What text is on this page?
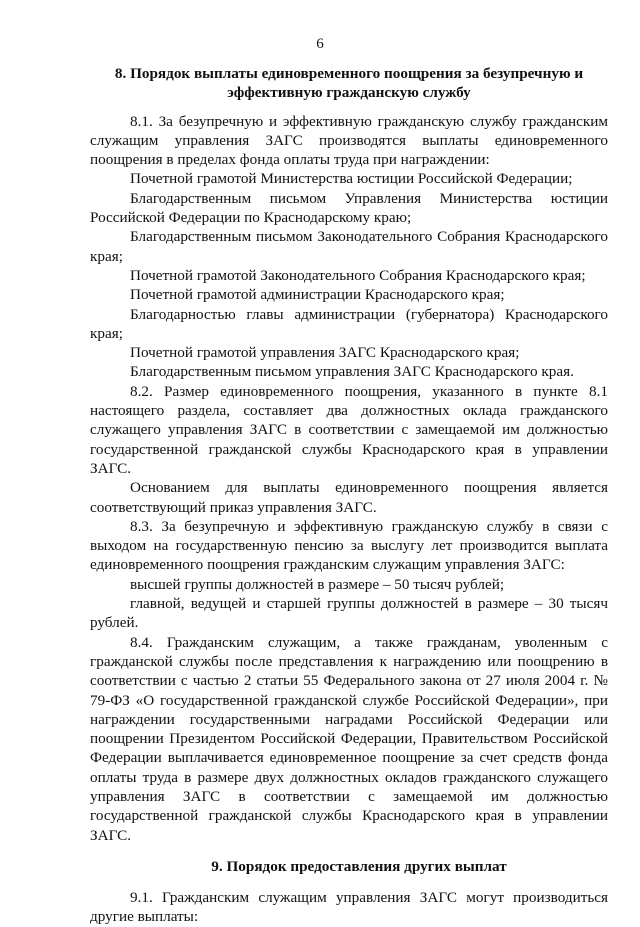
6
8. Порядок выплаты единовременного поощрения за безупречную и эффективную гражданскую службу

8.1. За безупречную и эффективную гражданскую службу гражданским служащим управления ЗАГС производятся выплаты единовременного поощрения в пределах фонда оплаты труда при награждении:

Почетной грамотой Министерства юстиции Российской Федерации;

Благодарственным письмом Управления Министерства юстиции Российской Федерации по Краснодарскому краю;

Благодарственным письмом Законодательного Собрания Краснодарского края;

Почетной грамотой Законодательного Собрания Краснодарского края;

Почетной грамотой администрации Краснодарского края;

Благодарностью главы администрации (губернатора) Краснодарского края;

Почетной грамотой управления ЗАГС Краснодарского края;

Благодарственным письмом управления ЗАГС Краснодарского края.

8.2. Размер единовременного поощрения, указанного в пункте 8.1 настоящего раздела, составляет два должностных оклада гражданского служащего управления ЗАГС в соответствии с замещаемой им должностью государственной гражданской службы Краснодарского края в управлении ЗАГС.

Основанием для выплаты единовременного поощрения является соответствующий приказ управления ЗАГС.

8.3. За безупречную и эффективную гражданскую службу в связи с выходом на государственную пенсию за выслугу лет производится выплата единовременного поощрения гражданским служащим управления ЗАГС:

высшей группы должностей в размере – 50 тысяч рублей;

главной, ведущей и старшей группы должностей в размере – 30 тысяч рублей.

8.4. Гражданским служащим, а также гражданам, уволенным с гражданской службы после представления к награждению или поощрению в соответствии с частью 2 статьи 55 Федерального закона от 27 июля 2004 г. № 79-ФЗ «О государственной гражданской службе Российской Федерации», при награждении государственными наградами Российской Федерации или поощрении Президентом Российской Федерации, Правительством Российской Федерации выплачивается единовременное поощрение за счет средств фонда оплаты труда в размере двух должностных окладов гражданского служащего управления ЗАГС в соответствии с замещаемой им должностью государственной гражданской службы Краснодарского края в управлении ЗАГС.

9. Порядок предоставления других выплат

9.1. Гражданским служащим управления ЗАГС могут производиться другие выплаты:
